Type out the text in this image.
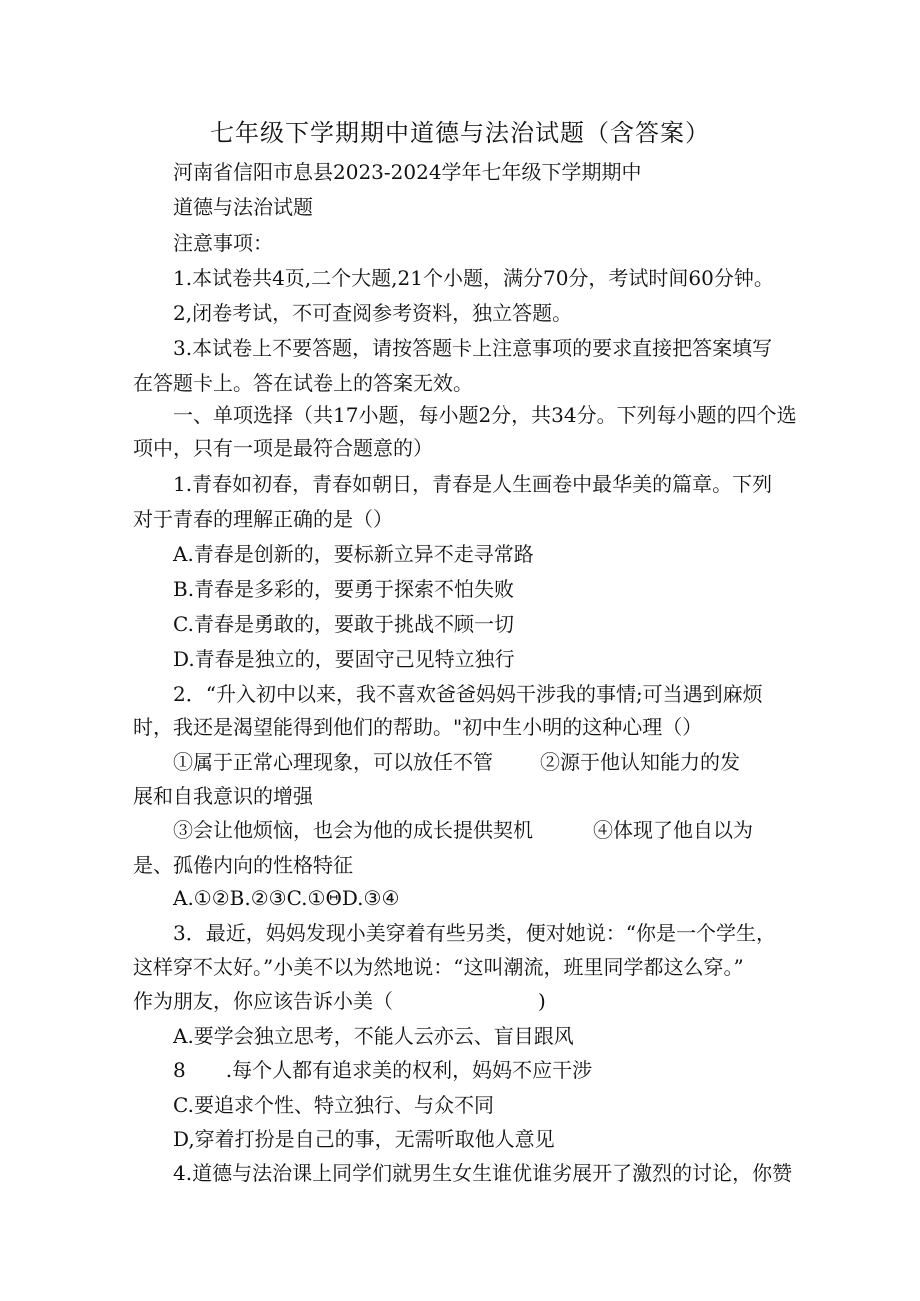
七年级下学期期中道德与法治试题（含答案）
河南省信阳市息县2023-2024学年七年级下学期期中
道德与法治试题
注意事项：
1.本试卷共4页,二个大题,21个小题，满分70分，考试时间60分钟。
2,闭卷考试，不可查阅参考资料，独立答题。
3.本试卷上不要答题，请按答题卡上注意事项的要求直接把答案填写
在答题卡上。答在试卷上的答案无效。
一、单项选择（共17小题，每小题2分，共34分。下列每小题的四个选
项中，只有一项是最符合题意的）
1.青春如初春，青春如朝日，青春是人生画卷中最华美的篇章。下列
对于青春的理解正确的是（）
A.青春是创新的，要标新立异不走寻常路
B.青春是多彩的，要勇于探索不怕失败
C.青春是勇敢的，要敢于挑战不顾一切
D.青春是独立的，要固守己见特立独行
2．“升入初中以来，我不喜欢爸爸妈妈干涉我的事情;可当遇到麻烦
时，我还是渴望能得到他们的帮助。"初中生小明的这种心理（）
①属于正常心理现象，可以放任不管 ②源于他认知能力的发
展和自我意识的增强
③会让他烦恼，也会为他的成长提供契机	④体现了他自以为
是、孤倦内向的性格特征
A.①②B.②③C.①ΘD.③④
3．最近，妈妈发现小美穿着有些另类，便对她说：“你是一个学生，
这样穿不太好。”小美不以为然地说：“这叫潮流，班里同学都这么穿。”
作为朋友，你应该告诉小美（	)
A.要学会独立思考，不能人云亦云、盲目跟风
8　　.每个人都有追求美的权利，妈妈不应干涉
C.要追求个性、特立独行、与众不同
D,穿着打扮是自己的事，无需听取他人意见
4.道德与法治课上同学们就男生女生谁优谁劣展开了激烈的讨论，你赞
